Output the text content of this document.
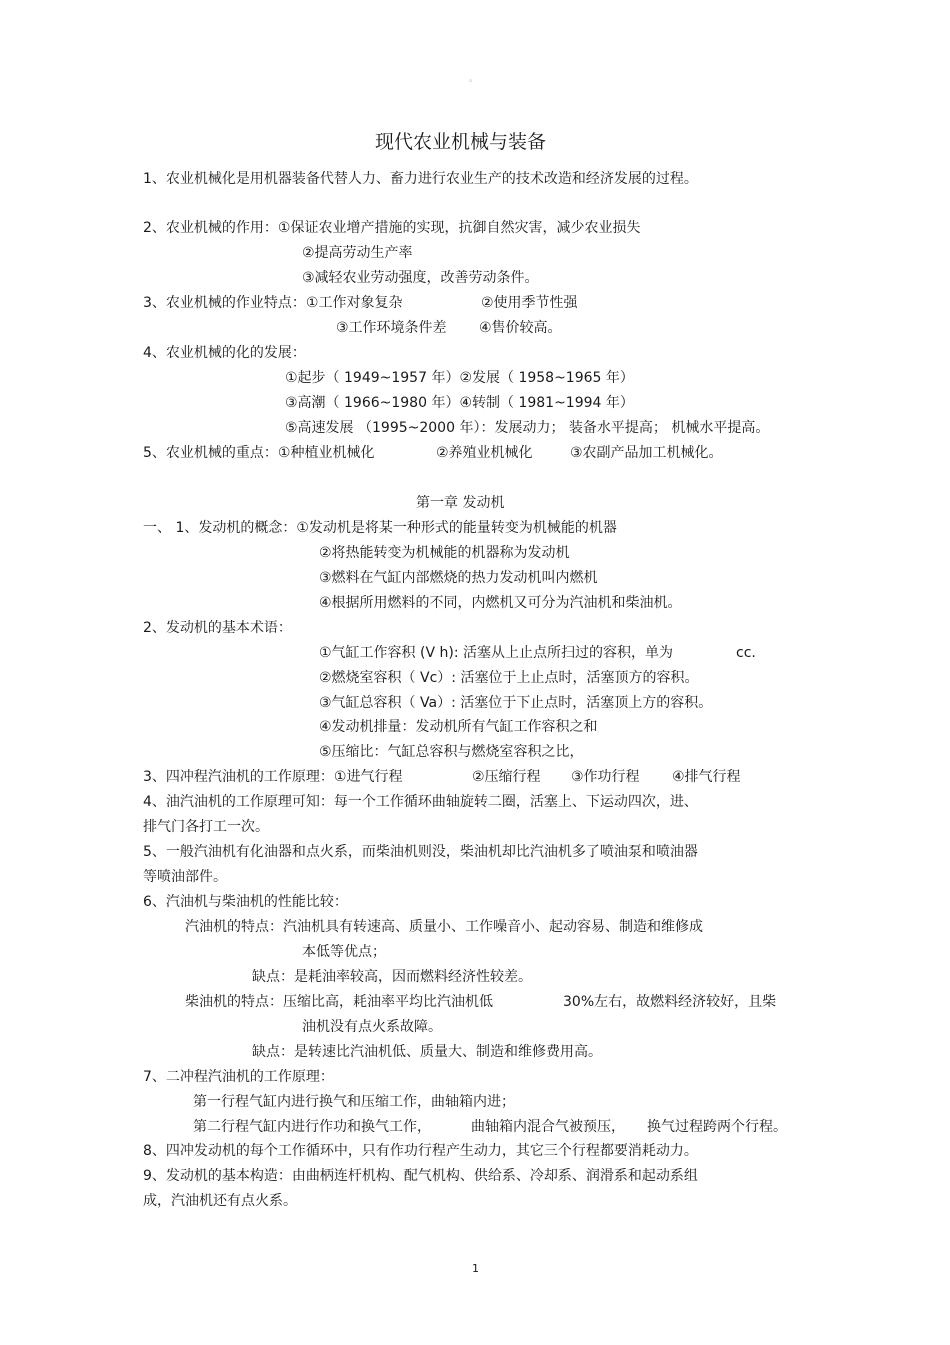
。
现代农业机械与装备
1、农业机械化是用机器装备代替人力、畜力进行农业生产的技术改造和经济发展的过程。
2、农业机械的作用：①保证农业增产措施的实现，抗御自然灾害，减少农业损失
②提高劳动生产率
③减轻农业劳动强度，改善劳动条件。
3、农业机械的作业特点：①工作对象复杂	②使用季节性强
③工作环境条件差 ④售价较高。
4、农业机械的化的发展：
①起步（ 1949~1957 年）②发展（ 1958~1965 年）
③高潮（ 1966~1980 年）④转制（ 1981~1994 年）
⑤高速发展 （1995~2000 年）：发展动力； 装备水平提高； 机械水平提高。
5、农业机械的重点：①种植业机械化	②养殖业机械化	③农副产品加工机械化。
第一章 发动机
一、 1、发动机的概念：①发动机是将某一种形式的能量转变为机械能的机器
②将热能转变为机械能的机器称为发动机
③燃料在气缸内部燃烧的热力发动机叫内燃机
④根据所用燃料的不同，内燃机又可分为汽油机和柴油机。
2、发动机的基本术语：
①气缸工作容积 (V h): 活塞从上止点所扫过的容积，单为	cc.
②燃烧室容积（ Vc）: 活塞位于上止点时，活塞顶方的容积。
③气缸总容积（ Va）: 活塞位于下止点时，活塞顶上方的容积。
④发动机排量：发动机所有气缸工作容积之和
⑤压缩比：气缸总容积与燃烧室容积之比，
3、四冲程汽油机的工作原理：①进气行程	②压缩行程 ③作功行程 ④排气行程
4、油汽油机的工作原理可知：每一个工作循环曲轴旋转二圈，活塞上、下运动四次，进、
排气门各打工一次。
5、一般汽油机有化油器和点火系，而柴油机则没，柴油机却比汽油机多了喷油泵和喷油器
等喷油部件。
6、汽油机与柴油机的性能比较：
汽油机的特点：汽油机具有转速高、质量小、工作噪音小、起动容易、制造和维修成
本低等优点；
缺点：是耗油率较高，因而燃料经济性较差。
柴油机的特点：压缩比高，耗油率平均比汽油机低	30%左右，故燃料经济较好，且柴
油机没有点火系故障。
缺点：是转速比汽油机低、质量大、制造和维修费用高。
7、二冲程汽油机的工作原理：
第一行程气缸内进行换气和压缩工作，曲轴箱内进；
第二行程气缸内进行作功和换气工作，	曲轴箱内混合气被预压， 换气过程跨两个行程。
8、四冲发动机的每个工作循环中，只有作功行程产生动力，其它三个行程都要消耗动力。
9、发动机的基本构造：由曲柄连杆机构、配气机构、供给系、冷却系、润滑系和起动系组
成，汽油机还有点火系。
1
